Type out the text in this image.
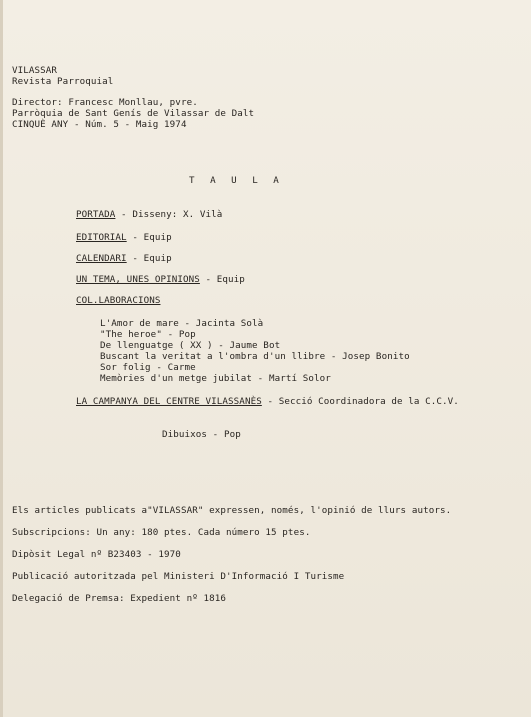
VILASSAR
Revista Parroquial
Director: Francesc Monllau, pvre.
Parròquia de Sant Genís de Vilassar de Dalt
CINQUÈ ANY - Núm. 5 - Maig 1974
T A U L A
PORTADA - Disseny: X. Vilà
EDITORIAL - Equip
CALENDARI - Equip
UN TEMA, UNES OPINIONS - Equip
COL.LABORACIONS
L'Amor de mare - Jacinta Solà
"The heroe" - Pop
De llenguatge ( XX ) - Jaume Bot
Buscant la veritat a l'ombra d'un llibre - Josep Bonito
Sor folig - Carme
Memòries d'un metge jubilat - Martí Solor
LA CAMPANYA DEL CENTRE VILASSANÈS - Secció Coordinadora de la C.C.V.
Dibuixos - Pop
Els articles publicats a"VILASSAR" expressen, només, l'opinió de llurs autors.
Subscripcions: Un any: 180 ptes. Cada número 15 ptes.
Dipòsit Legal nº B23403 - 1970
Publicació autoritzada pel Ministeri D'Informació I Turisme
Delegació de Premsa: Expedient nº 1816
